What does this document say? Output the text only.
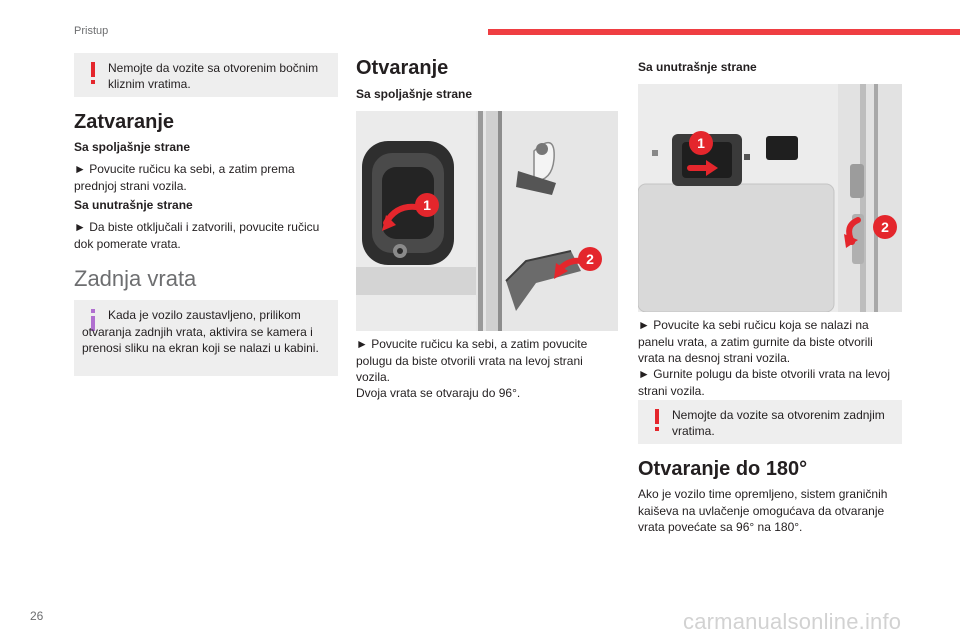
Pristup
Nemojte da vozite sa otvorenim bočnim kliznim vratima.
Zatvaranje
Sa spoljašnje strane
► Povucite ručicu ka sebi, a zatim prema prednjoj strani vozila.
Sa unutrašnje strane
► Da biste otključali i zatvorili, povucite ručicu dok pomerate vrata.
Zadnja vrata
Kada je vozilo zaustavljeno, prilikom otvaranja zadnjih vrata, aktivira se kamera i prenosi sliku na ekran koji se nalazi u kabini.
Otvaranje
Sa spoljašnje strane
1
2
► Povucite ručicu ka sebi, a zatim povucite polugu da biste otvorili vrata na levoj strani vozila.
Dvoja vrata se otvaraju do 96°.
Sa unutrašnje strane
1
2
► Povucite ka sebi ručicu koja se nalazi na panelu vrata, a zatim gurnite da biste otvorili vrata na desnoj strani vozila.
► Gurnite polugu da biste otvorili vrata na levoj strani vozila.
Nemojte da vozite sa otvorenim zadnjim vratima.
Otvaranje do 180°
Ako je vozilo time opremljeno, sistem graničnih kaiševa na uvlačenje omogućava da otvaranje vrata povećate sa 96° na 180°.
26	carmanualsonline.info
